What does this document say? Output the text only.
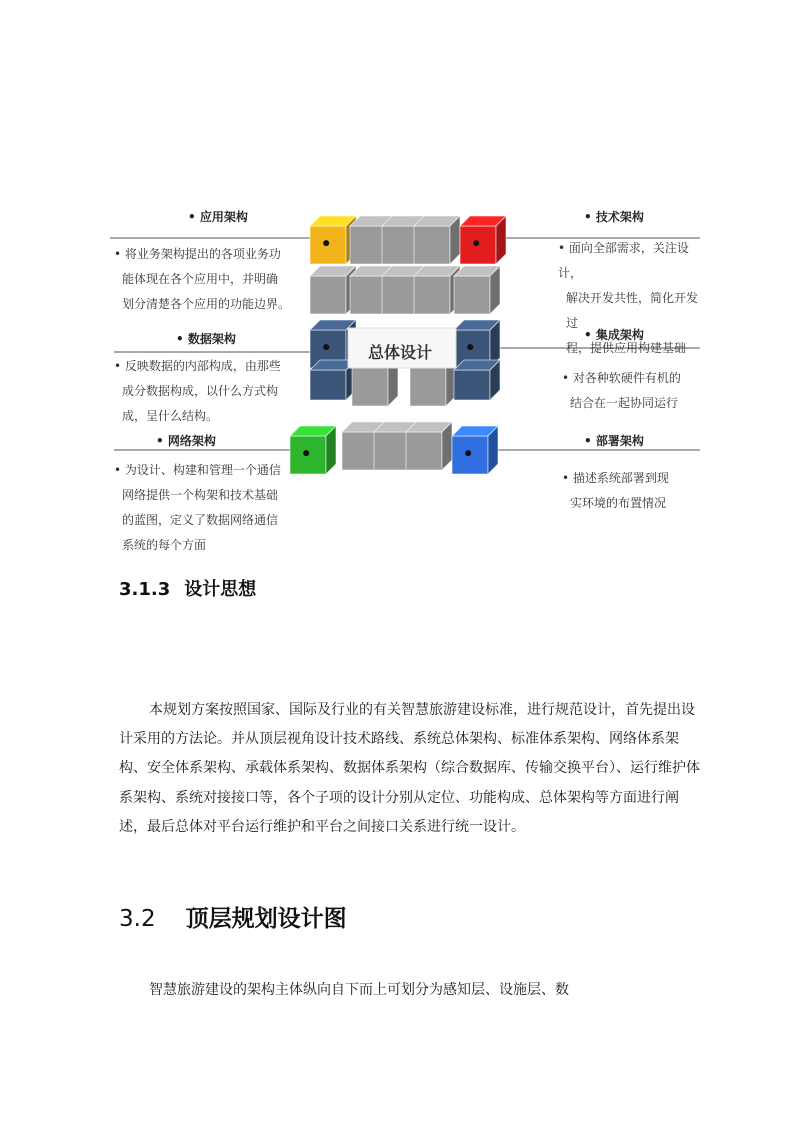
总体设计
• 应用架构
• 将业务架构提出的各项业务功
能体现在各个应用中，并明确
划分清楚各个应用的功能边界。
• 技术架构
• 面向全部需求，关注设计，
解决开发共性，简化开发过
程，提供应用构建基础
• 数据架构
• 反映数据的内部构成，由那些
成分数据构成，以什么方式构
成，呈什么结构。
• 集成架构
• 对各种软硬件有机的
结合在一起协同运行
• 网络架构
• 为设计、构建和管理一个通信
网络提供一个构架和技术基础
的蓝图，定义了数据网络通信
系统的每个方面
• 部署架构
• 描述系统部署到现
实环境的布置情况
3.1.3 设计思想

本规划方案按照国家、国际及行业的有关智慧旅游建设标准，进行规范设计，首先提出设计采用的方法论。并从顶层视角设计技术路线、系统总体架构、标准体系架构、网络体系架构、安全体系架构、承载体系架构、数据体系架构（综合数据库、传输交换平台）、运行维护体系架构、系统对接接口等，各个子项的设计分别从定位、功能构成、总体架构等方面进行阐述，最后总体对平台运行维护和平台之间接口关系进行统一设计。

3.2 顶层规划设计图

智慧旅游建设的架构主体纵向自下而上可划分为感知层、设施层、数
